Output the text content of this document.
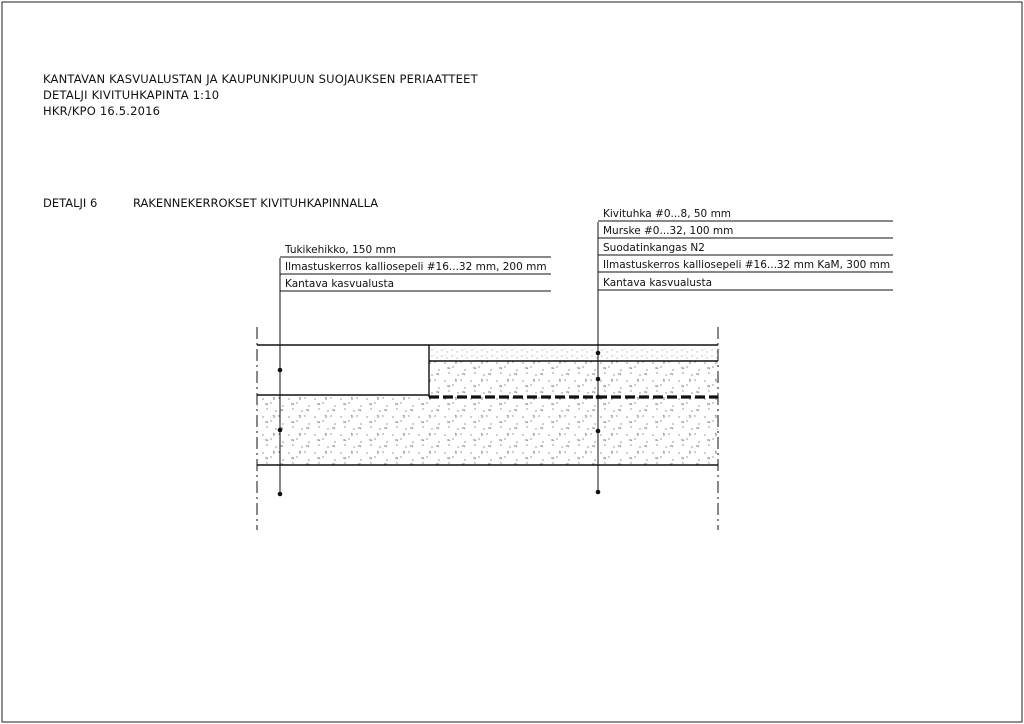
KANTAVAN KASVUALUSTAN JA KAUPUNKIPUUN SUOJAUKSEN PERIAATTEET
DETALJI KIVITUHKAPINTA 1:10
HKR/KPO 16.5.2016
DETALJI 6	RAKENNEKERROKSET KIVITUHKAPINNALLA
Tukikehikko, 150 mm
Ilmastuskerros kalliosepeli #16...32 mm, 200 mm
Kantava kasvualusta
Kivituhka #0...8, 50 mm
Murske #0...32, 100 mm
Suodatinkangas N2
Ilmastuskerros kalliosepeli #16...32 mm KaM, 300 mm
Kantava kasvualusta
